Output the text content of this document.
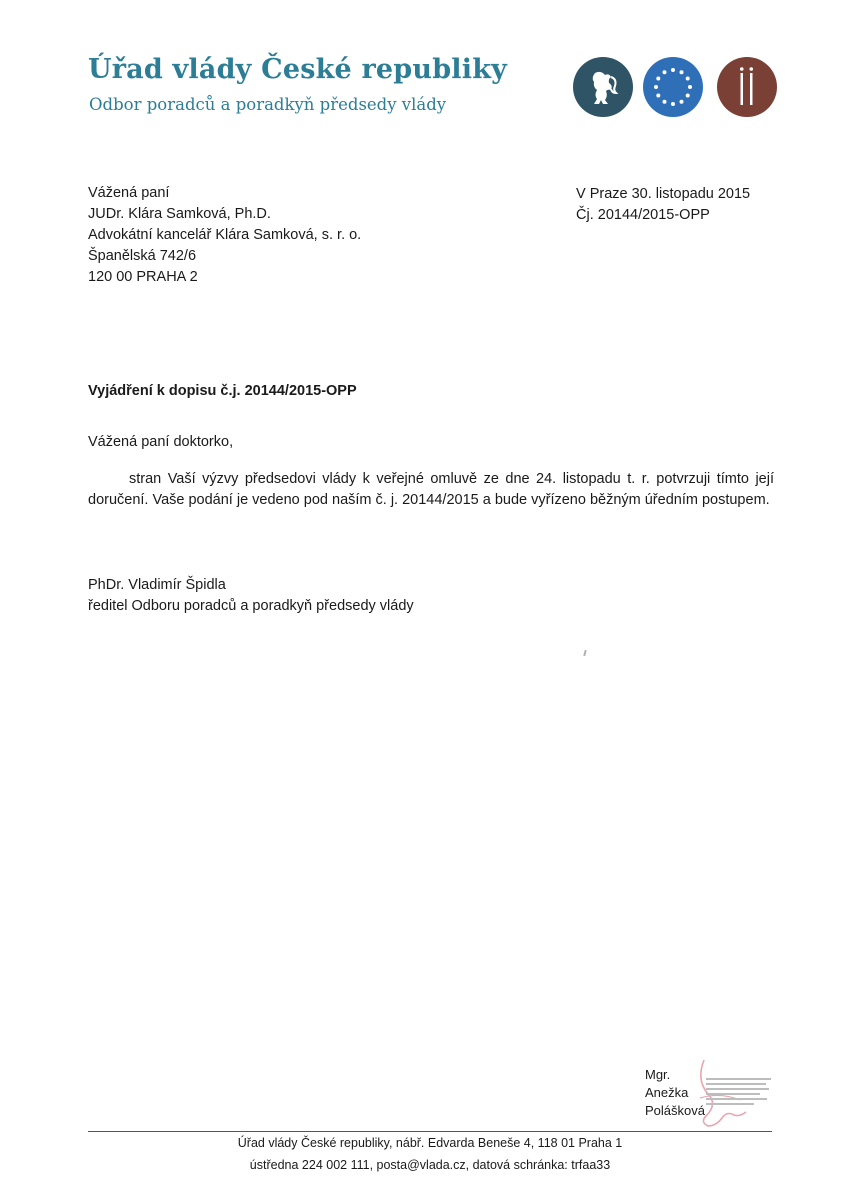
Úřad vlády České republiky
Odbor poradců a poradkyň předsedy vlády
Vážená paní
JUDr. Klára Samková, Ph.D.
Advokátní kancelář Klára Samková, s. r. o.
Španělská 742/6
120 00 PRAHA 2
V Praze 30. listopadu 2015
Čj. 20144/2015-OPP
Vyjádření k dopisu č.j. 20144/2015-OPP
Vážená paní doktorko,
stran Vaší výzvy předsedovi vlády k veřejné omluvě ze dne 24. listopadu t. r. potvrzuji tímto její doručení. Vaše podání je vedeno pod naším č. j. 20144/2015 a bude vyřízeno běžným úředním postupem.
PhDr. Vladimír Špidla
ředitel Odboru poradců a poradkyň předsedy vlády
Mgr.
Anežka
Polášková
Úřad vlády České republiky, nábř. Edvarda Beneše 4, 118 01 Praha 1
ústředna 224 002 111, posta@vlada.cz, datová schránka: trfaa33
